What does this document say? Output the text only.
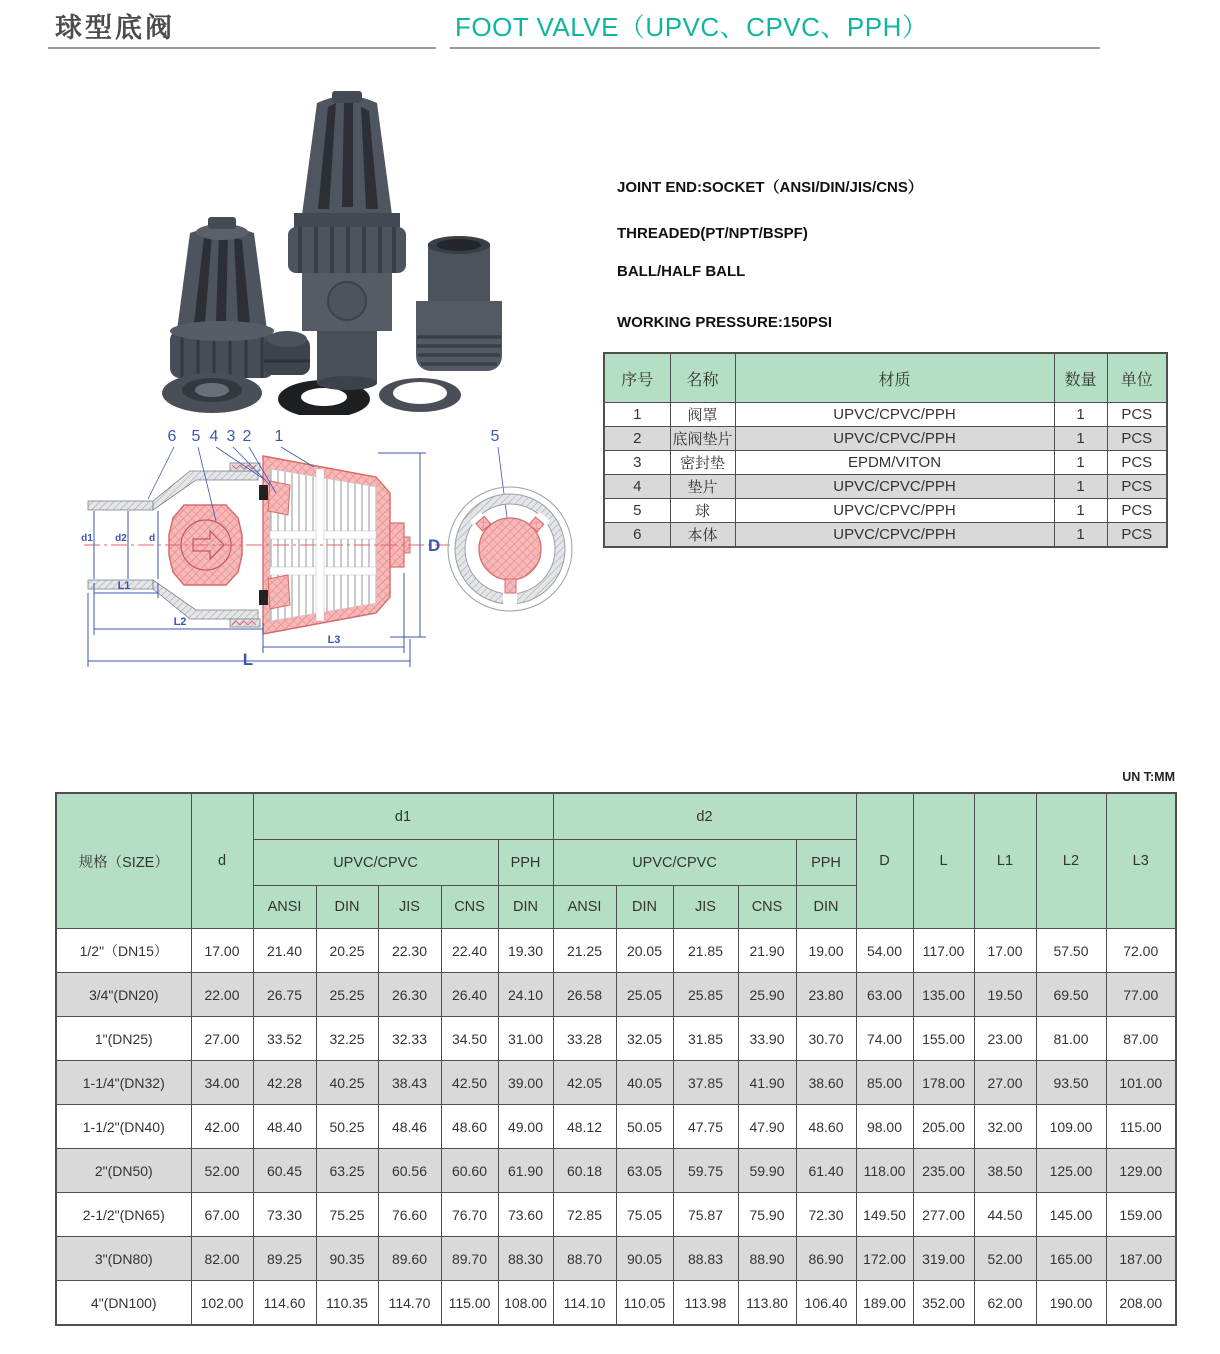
球型底阀	FOOT VALVE（UPVC、CPVC、PPH）
d1 d2 d
L1
L2
L3
L
D
6 5 4 3 2 1	5
JOINT END:SOCKET（ANSI/DIN/JIS/CNS）
THREADED(PT/NPT/BSPF)
BALL/HALF BALL
WORKING PRESSURE:150PSI
序号	名称	材质	数量	单位
1	阀罩	UPVC/CPVC/PPH	1	PCS
2	底阀垫片	UPVC/CPVC/PPH	1	PCS
3	密封垫	EPDM/VITON	1	PCS
4	垫片	UPVC/CPVC/PPH	1	PCS
5	球	UPVC/CPVC/PPH	1	PCS
6	本体	UPVC/CPVC/PPH	1	PCS
UN T:MM
规格（SIZE）	d	d1					d2					D	L	L1	L2	L3
		UPVC/CPVC				PPH	UPVC/CPVC				PPH					
		ANSI	DIN	JIS	CNS	DIN	ANSI	DIN	JIS	CNS	DIN					
1/2"（DN15）	17.00	21.40	20.25	22.30	22.40	19.30	21.25	20.05	21.85	21.90	19.00	54.00	117.00	17.00	57.50	72.00
3/4"(DN20)	22.00	26.75	25.25	26.30	26.40	24.10	26.58	25.05	25.85	25.90	23.80	63.00	135.00	19.50	69.50	77.00
1"(DN25)	27.00	33.52	32.25	32.33	34.50	31.00	33.28	32.05	31.85	33.90	30.70	74.00	155.00	23.00	81.00	87.00
1-1/4"(DN32)	34.00	42.28	40.25	38.43	42.50	39.00	42.05	40.05	37.85	41.90	38.60	85.00	178.00	27.00	93.50	101.00
1-1/2"(DN40)	42.00	48.40	50.25	48.46	48.60	49.00	48.12	50.05	47.75	47.90	48.60	98.00	205.00	32.00	109.00	115.00
2"(DN50)	52.00	60.45	63.25	60.56	60.60	61.90	60.18	63.05	59.75	59.90	61.40	118.00	235.00	38.50	125.00	129.00
2-1/2"(DN65)	67.00	73.30	75.25	76.60	76.70	73.60	72.85	75.05	75.87	75.90	72.30	149.50	277.00	44.50	145.00	159.00
3"(DN80)	82.00	89.25	90.35	89.60	89.70	88.30	88.70	90.05	88.83	88.90	86.90	172.00	319.00	52.00	165.00	187.00
4"(DN100)	102.00	114.60	110.35	114.70	115.00	108.00	114.10	110.05	113.98	113.80	106.40	189.00	352.00	62.00	190.00	208.00
